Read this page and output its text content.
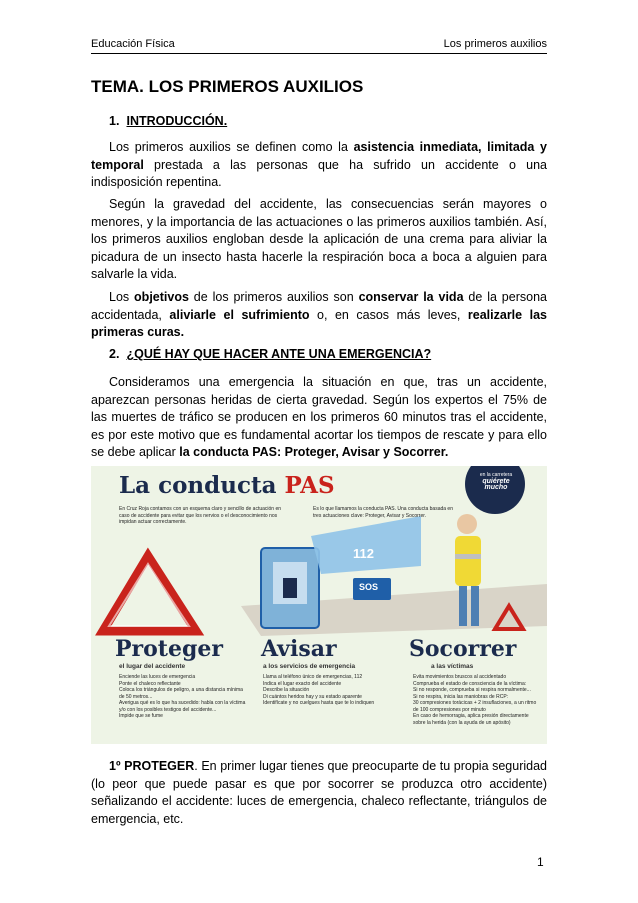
Educación Física	Los primeros auxilios
TEMA. LOS PRIMEROS AUXILIOS
1. INTRODUCCIÓN.
Los primeros auxilios se definen como la asistencia inmediata, limitada y temporal prestada a las personas que ha sufrido un accidente o una indisposición repentina.
Según la gravedad del accidente, las consecuencias serán mayores o menores, y la importancia de las actuaciones o las primeros auxilios también. Así, los primeros auxilios engloban desde la aplicación de una crema para aliviar la picadura de un insecto hasta hacerle la respiración boca a boca a alguien para salvarle la vida.
Los objetivos de los primeros auxilios son conservar la vida de la persona accidentada, aliviarle el sufrimiento o, en casos más leves, realizarle las primeras curas.
2. ¿QUÉ HAY QUE HACER ANTE UNA EMERGENCIA?
Consideramos una emergencia la situación en que, tras un accidente, aparezcan personas heridas de cierta gravedad. Según los expertos el 75% de las muertes de tráfico se producen en los primeros 60 minutos tras el accidente, es por este motivo que es fundamental acortar los tiempos de rescate y para ello se debe aplicar la conducta PAS: Proteger, Avisar y Socorrer.
La conducta PAS	en la carretera
quiérete mucho
En Cruz Roja contamos con un esquema claro y sencillo de actuación en caso de accidente para evitar que los nervios o el desconocimiento nos impidan actuar correctamente.
Es lo que llamamos la conducta PAS. Una conducta basada en tres actuaciones clave: Proteger, Avisar y Socorrer.
112
SOS
Proteger
el lugar del accidente
Enciende las luces de emergencia
Ponte el chaleco reflectante
Coloca los triángulos de peligro, a una distancia mínima de 50 metros...
Averigua qué es lo que ha sucedido: habla con la víctima y/o con los posibles testigos del accidente...
Impide que se fume
Avisar
a los servicios de emergencia
Llama al teléfono único de emergencias, 112
Indica el lugar exacto del accidente
Describe la situación
Di cuántos heridos hay y su estado aparente
Identifícate y no cuelgues hasta que te lo indiquen
Socorrer
a las víctimas
Evita movimientos bruscos al accidentado
Comprueba el estado de consciencia de la víctima:
Si no responde, comprueba si respira normalmente...
Si no respira, inicia las maniobras de RCP:
30 compresiones torácicas + 2 insuflaciones, a un ritmo de 100 compresiones por minuto
En caso de hemorragia, aplica presión directamente sobre la herida (con la ayuda de un apósito)
1º PROTEGER. En primer lugar tienes que preocuparte de tu propia seguridad (lo peor que puede pasar es que por socorrer se produzca otro accidente) señalizando el accidente: luces de emergencia, chaleco reflectante, triángulos de emergencia, etc.
1
